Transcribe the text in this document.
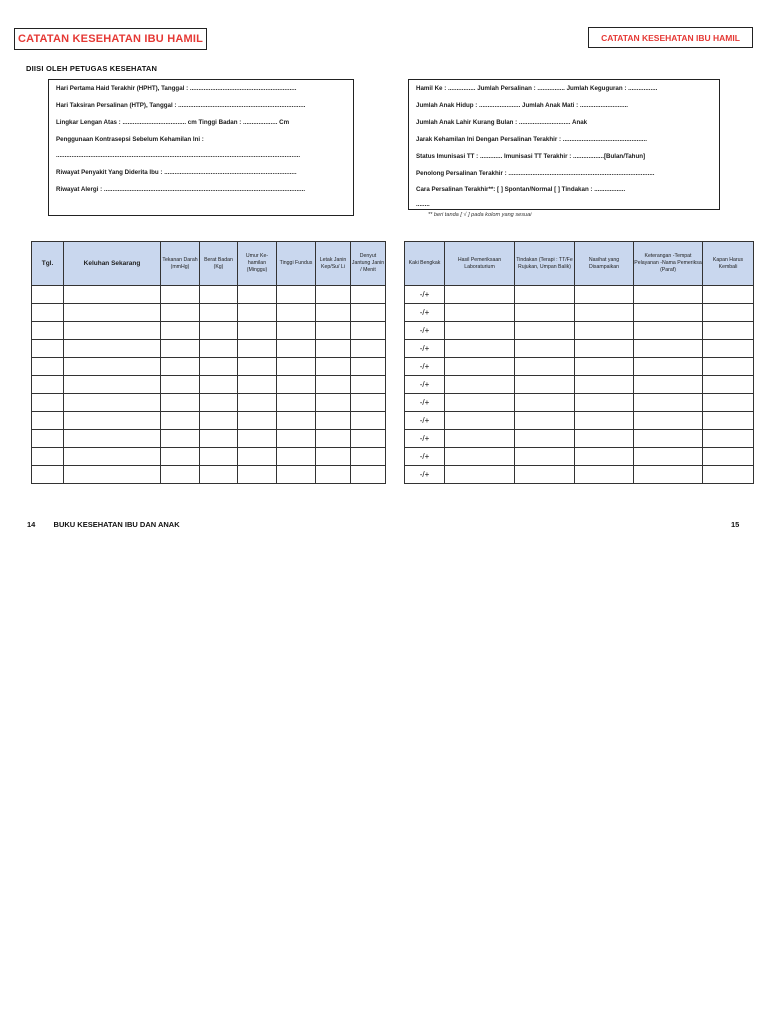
CATATAN KESEHATAN IBU HAMIL
DIISI OLEH PETUGAS KESEHATAN
Hari Pertama Haid Terakhir (HPHT), Tanggal : ..............................................................
Hari Taksiran Persalinan (HTP), Tanggal : ..........................................................................
Lingkar Lengan Atas : ..................................... cm Tinggi Badan : .................... Cm
Penggunaan Kontrasepsi Sebelum Kehamilan Ini :
..............................................................................................................................................
Riwayat Penyakit Yang Diderita Ibu : .............................................................................
Riwayat Alergi : .....................................................................................................................
Tgl.	Keluhan Sekarang	Tekanan Darah (mmHg)	Berat Badan (Kg)	Umur Ke-hamilan (Minggu)	Tinggi Fundus	Letak Janin Kep/Su/ Li	Denyut Jantung Janin / Menit

14 BUKU KESEHATAN IBU DAN ANAK
CATATAN KESEHATAN IBU HAMIL
Hamil Ke : ................ Jumlah Persalinan : ................ Jumlah Keguguran : .................
Jumlah Anak Hidup : ........................ Jumlah Anak Mati : ............................
Jumlah Anak Lahir Kurang Bulan : .............................. Anak
Jarak Kehamilan Ini Dengan Persalinan Terakhir : .................................................
Status Imunisasi TT : ............. Imunisasi TT Terakhir : ..................[Bulan/Tahun]
Penolong Persalinan Terakhir : .....................................................................................
Cara Persalinan Terakhir**: [ ] Spontan/Normal [ ] Tindakan : ..................
........
** beri tanda [ √ ] pada kolom yang sesuai
Kaki Bengkak	Hasil Pemeriksaan Laboraturium	Tindakan (Terapi : TT/Fe Rujukan, Umpan Balik)	Nasihat yang Disampaikan	Keterangan -Tempat Pelayanan -Nama Pemeriksa (Paraf)	Kapan Harus Kembali
-/+					
-/+					
-/+					
-/+					
-/+					
-/+					
-/+					
-/+					
-/+					
-/+					
-/+					
15
